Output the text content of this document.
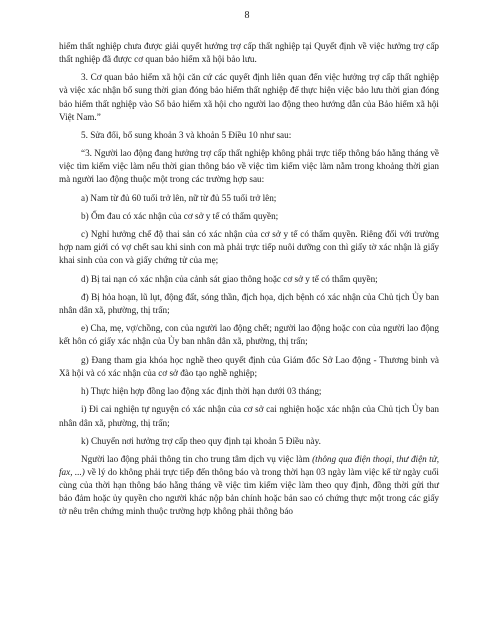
8

hiểm thất nghiệp chưa được giải quyết hưởng trợ cấp thất nghiệp tại Quyết định về việc hưởng trợ cấp thất nghiệp đã được cơ quan bảo hiểm xã hội bảo lưu.

3. Cơ quan bảo hiểm xã hội căn cứ các quyết định liên quan đến việc hưởng trợ cấp thất nghiệp và việc xác nhận bổ sung thời gian đóng bảo hiểm thất nghiệp để thực hiện việc bảo lưu thời gian đóng bảo hiểm thất nghiệp vào Sổ bảo hiểm xã hội cho người lao động theo hướng dẫn của Bảo hiểm xã hội Việt Nam.”

5. Sửa đổi, bổ sung khoản 3 và khoản 5 Điều 10 như sau:

“3. Người lao động đang hưởng trợ cấp thất nghiệp không phải trực tiếp thông báo hằng tháng về việc tìm kiếm việc làm nếu thời gian thông báo về việc tìm kiếm việc làm nằm trong khoảng thời gian mà người lao động thuộc một trong các trường hợp sau:

a) Nam từ đủ 60 tuổi trở lên, nữ từ đủ 55 tuổi trở lên;

b) Ốm đau có xác nhận của cơ sở y tế có thẩm quyền;

c) Nghỉ hưởng chế độ thai sản có xác nhận của cơ sở y tế có thẩm quyền. Riêng đối với trường hợp nam giới có vợ chết sau khi sinh con mà phải trực tiếp nuôi dưỡng con thì giấy tờ xác nhận là giấy khai sinh của con và giấy chứng tử của mẹ;

d) Bị tai nạn có xác nhận của cảnh sát giao thông hoặc cơ sở y tế có thẩm quyền;

đ) Bị hỏa hoạn, lũ lụt, động đất, sóng thần, địch họa, dịch bệnh có xác nhận của Chủ tịch Ủy ban nhân dân xã, phường, thị trấn;

e) Cha, mẹ, vợ/chồng, con của người lao động chết; người lao động hoặc con của người lao động kết hôn có giấy xác nhận của Ủy ban nhân dân xã, phường, thị trấn;

g) Đang tham gia khóa học nghề theo quyết định của Giám đốc Sở Lao động - Thương binh và Xã hội và có xác nhận của cơ sở đào tạo nghề nghiệp;

h) Thực hiện hợp đồng lao động xác định thời hạn dưới 03 tháng;

i) Đi cai nghiện tự nguyện có xác nhận của cơ sở cai nghiện hoặc xác nhận của Chủ tịch Ủy ban nhân dân xã, phường, thị trấn;

k) Chuyển nơi hưởng trợ cấp theo quy định tại khoản 5 Điều này.

Người lao động phải thông tin cho trung tâm dịch vụ việc làm (thông qua điện thoại, thư điện tử, fax, ...) về lý do không phải trực tiếp đến thông báo và trong thời hạn 03 ngày làm việc kể từ ngày cuối cùng của thời hạn thông báo hằng tháng về việc tìm kiếm việc làm theo quy định, đồng thời gửi thư bảo đảm hoặc ủy quyền cho người khác nộp bản chính hoặc bản sao có chứng thực một trong các giấy tờ nêu trên chứng minh thuộc trường hợp không phải thông báo
